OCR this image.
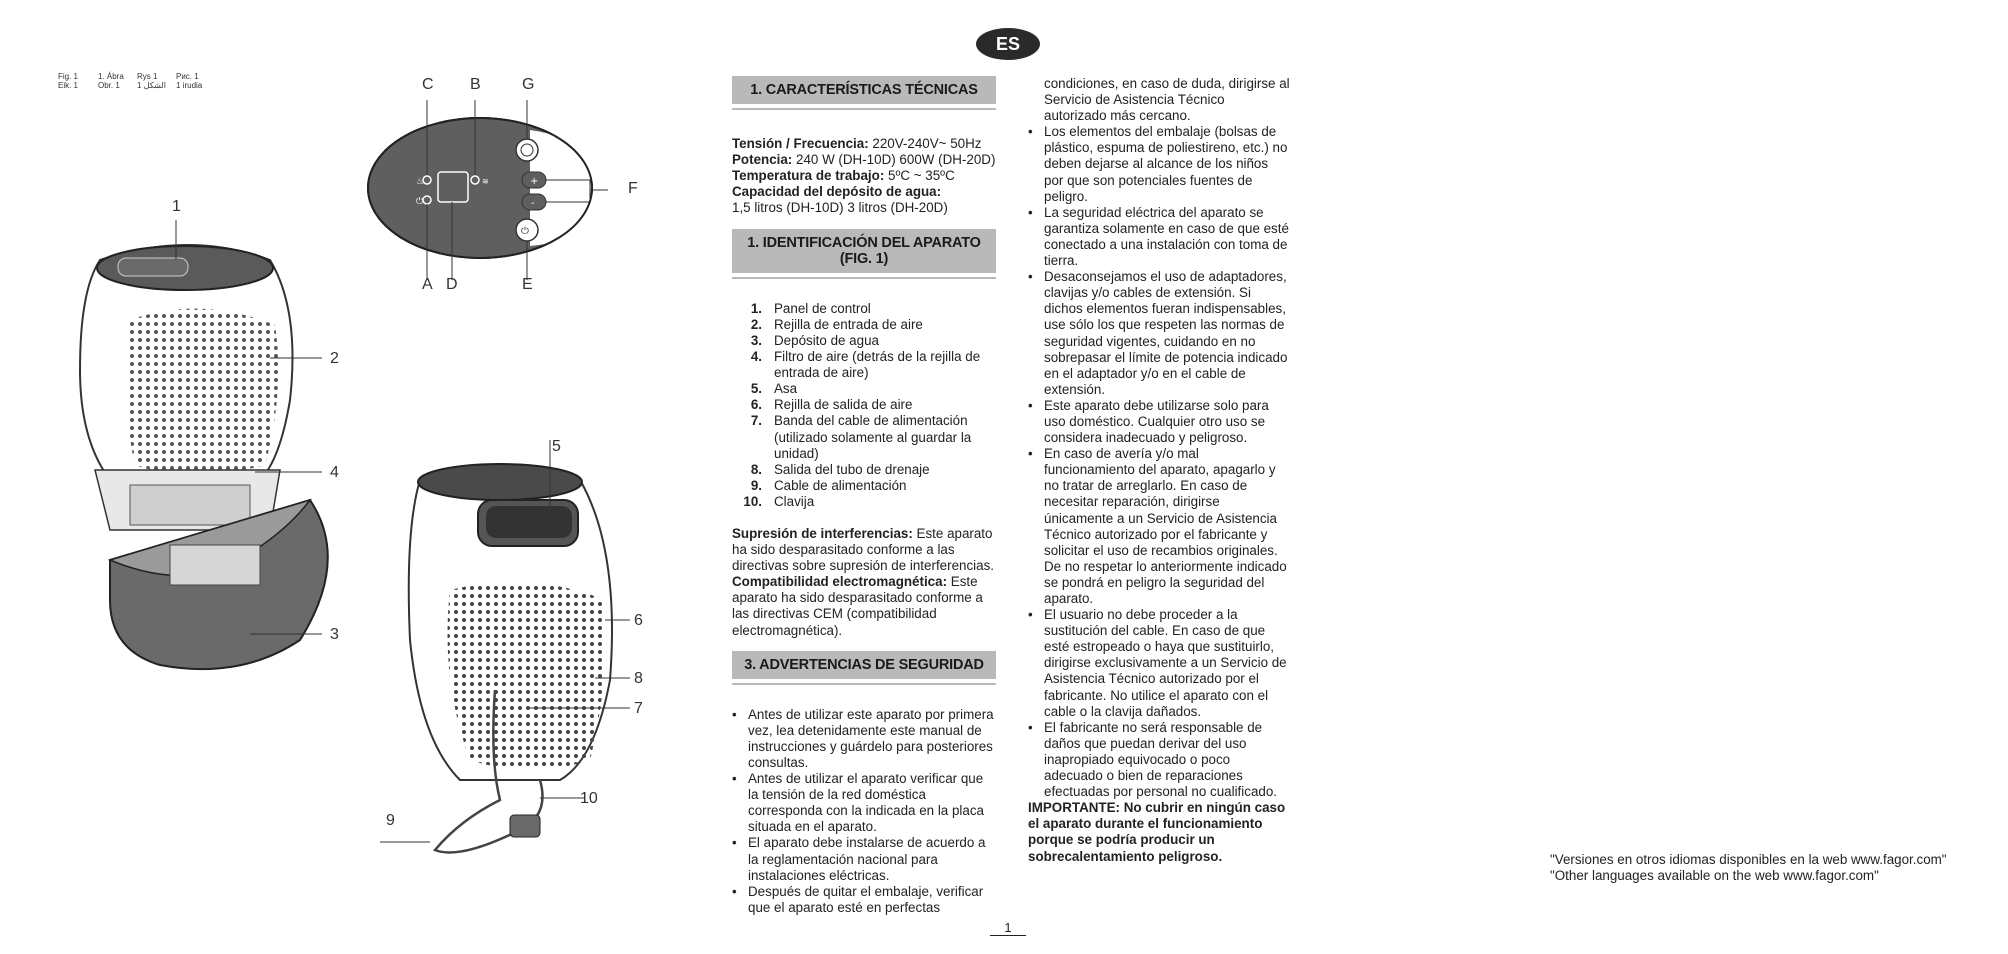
Fig. 1
Eik. 1
1. Ábra
Obr. 1
Rys 1
1 الشكل
Рис. 1
1 irudia
♨
⏻
≋	+
-
⏻
C B	G
A D	E
F
1
2
4
3
5
6
8
7
10
9
ES
1. CARACTERÍSTICAS TÉCNICAS
Tensión / Frecuencia: 220V-240V~ 50Hz
Potencia: 240 W (DH-10D) 600W (DH-20D)
Temperatura de trabajo: 5ºC ~ 35ºC
Capacidad del depósito de agua:
1,5 litros (DH-10D) 3 litros (DH-20D)
1. IDENTIFICACIÓN DEL APARATO (FIG. 1)
1. Panel de control
2. Rejilla de entrada de aire
3. Depósito de agua
4. Filtro de aire (detrás de la rejilla de entrada de aire)
5. Asa
6. Rejilla de salida de aire
7. Banda del cable de alimentación (utilizado solamente al guardar la unidad)
8. Salida del tubo de drenaje
9. Cable de alimentación
10. Clavija
Supresión de interferencias: Este aparato ha sido desparasitado conforme a las directivas sobre supresión de interferencias.
Compatibilidad electromagnética: Este aparato ha sido desparasitado conforme a las directivas CEM (compatibilidad electromagnética).
3. ADVERTENCIAS DE SEGURIDAD
• Antes de utilizar este aparato por primera vez, lea detenidamente este manual de instrucciones y guárdelo para posteriores consultas.
• Antes de utilizar el aparato verificar que la tensión de la red doméstica corresponda con la indicada en la placa situada en el aparato.
• El aparato debe instalarse de acuerdo a la reglamentación nacional para instalaciones eléctricas.
• Después de quitar el embalaje, verificar que el aparato esté en perfectas
condiciones, en caso de duda, dirigirse al Servicio de Asistencia Técnico autorizado más cercano.
• Los elementos del embalaje (bolsas de plástico, espuma de poliestireno, etc.) no deben dejarse al alcance de los niños por que son potenciales fuentes de peligro.
• La seguridad eléctrica del aparato se garantiza solamente en caso de que esté conectado a una instalación con toma de tierra.
• Desaconsejamos el uso de adaptadores, clavijas y/o cables de extensión. Si dichos elementos fueran indispensables, use sólo los que respeten las normas de seguridad vigentes, cuidando en no sobrepasar el límite de potencia indicado en el adaptador y/o en el cable de extensión.
• Este aparato debe utilizarse solo para uso doméstico. Cualquier otro uso se considera inadecuado y peligroso.
• En caso de avería y/o mal funcionamiento del aparato, apagarlo y no tratar de arreglarlo. En caso de necesitar reparación, dirigirse únicamente a un Servicio de Asistencia Técnico autorizado por el fabricante y solicitar el uso de recambios originales. De no respetar lo anteriormente indicado se pondrá en peligro la seguridad del aparato.
• El usuario no debe proceder a la sustitución del cable. En caso de que esté estropeado o haya que sustituirlo, dirigirse exclusivamente a un Servicio de Asistencia Técnico autorizado por el fabricante. No utilice el aparato con el cable o la clavija dañados.
• El fabricante no será responsable de daños que puedan derivar del uso inapropiado equivocado o poco adecuado o bien de reparaciones efectuadas por personal no cualificado.
IMPORTANTE: No cubrir en ningún caso el aparato durante el funcionamiento porque se podría producir un sobrecalentamiento peligroso.	"Versiones en otros idiomas disponibles en la web www.fagor.com"
"Other languages available on the web www.fagor.com"
1
